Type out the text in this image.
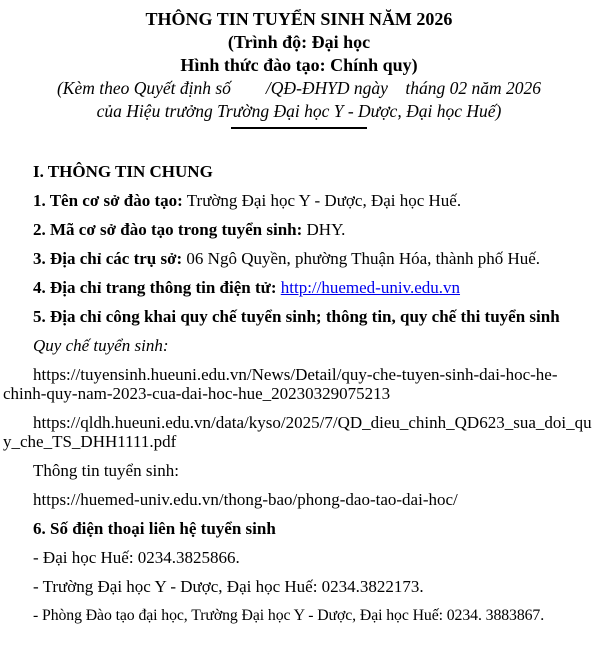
THÔNG TIN TUYỂN SINH NĂM 2026
(Trình độ: Đại học
Hình thức đào tạo: Chính quy)
(Kèm theo Quyết định số        /QĐ-ĐHYD ngày    tháng 02 năm 2026
của Hiệu trưởng Trường Đại học Y - Dược, Đại học Huế)

I. THÔNG TIN CHUNG

1. Tên cơ sở đào tạo: Trường Đại học Y - Dược, Đại học Huế.

2. Mã cơ sở đào tạo trong tuyển sinh: DHY.

3. Địa chỉ các trụ sở: 06 Ngô Quyền, phường Thuận Hóa, thành phố Huế.

4. Địa chỉ trang thông tin điện tử: http://huemed-univ.edu.vn

5. Địa chỉ công khai quy chế tuyển sinh; thông tin, quy chế thi tuyển sinh

Quy chế tuyển sinh:

https://tuyensinh.hueuni.edu.vn/News/Detail/quy-che-tuyen-sinh-dai-hoc-he-chinh-quy-nam-2023-cua-dai-hoc-hue_20230329075213

https://qldh.hueuni.edu.vn/data/kyso/2025/7/QD_dieu_chinh_QD623_sua_doi_quy_che_TS_DHH1111.pdf

Thông tin tuyển sinh:

https://huemed-univ.edu.vn/thong-bao/phong-dao-tao-dai-hoc/

6. Số điện thoại liên hệ tuyển sinh

- Đại học Huế: 0234.3825866.

- Trường Đại học Y - Dược, Đại học Huế: 0234.3822173.

- Phòng Đào tạo đại học, Trường Đại học Y - Dược, Đại học Huế: 0234. 3883867.
